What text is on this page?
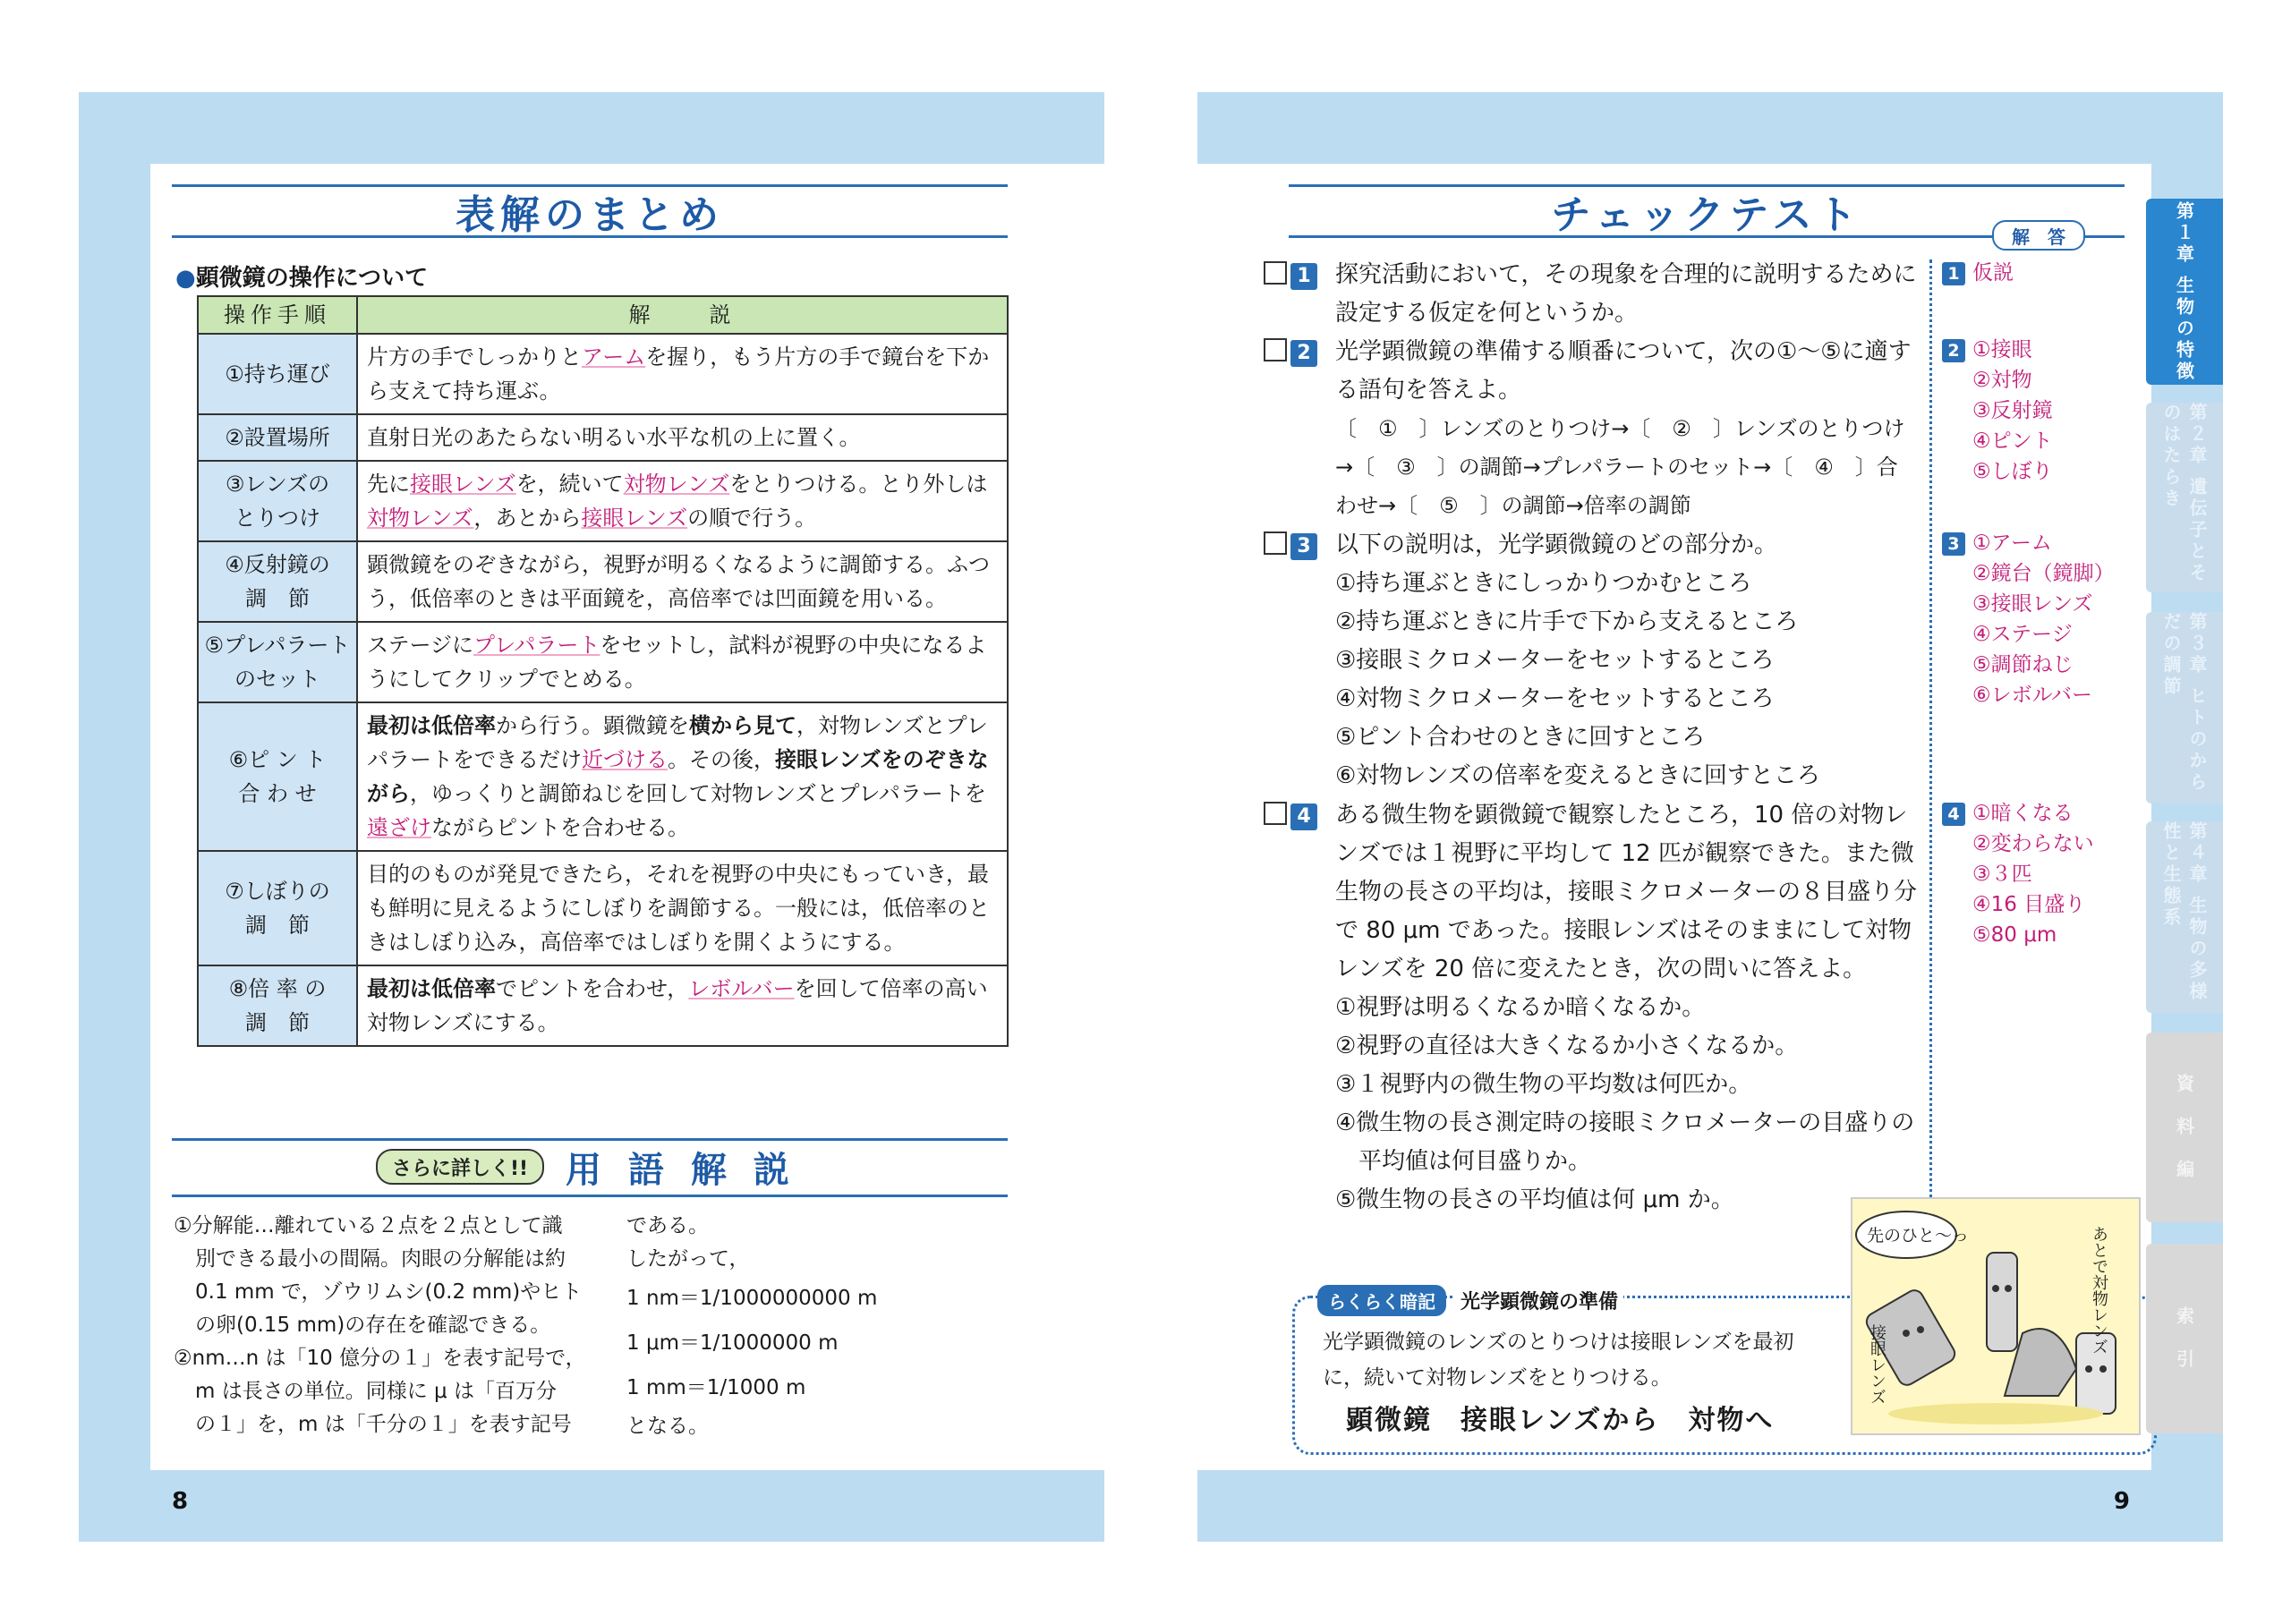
8
表解のまとめ
●顕微鏡の操作について
操作手順	解　　説
①持ち運び	片方の手でしっかりとアームを握り，もう片方の手で鏡台を下から支えて持ち運ぶ。
②設置場所	直射日光のあたらない明るい水平な机の上に置く。
③レンズの
とりつけ	先に接眼レンズを，続いて対物レンズをとりつける。とり外しは対物レンズ，あとから接眼レンズの順で行う。
④反射鏡の
調　節	顕微鏡をのぞきながら，視野が明るくなるように調節する。ふつう，低倍率のときは平面鏡を，高倍率では凹面鏡を用いる。
⑤プレパラート
のセット	ステージにプレパラートをセットし，試料が視野の中央になるようにしてクリップでとめる。
⑥ピ ン ト
合 わ せ	最初は低倍率から行う。顕微鏡を横から見て，対物レンズとプレパラートをできるだけ近づける。その後，接眼レンズをのぞきながら，ゆっくりと調節ねじを回して対物レンズとプレパラートを遠ざけながらピントを合わせる。
⑦しぼりの
調　節	目的のものが発見できたら，それを視野の中央にもっていき，最も鮮明に見えるようにしぼりを調節する。一般には，低倍率のときはしぼり込み，高倍率ではしぼりを開くようにする。
⑧倍 率 の
調　節	最初は低倍率でピントを合わせ，レボルバーを回して倍率の高い対物レンズにする。
さらに詳しく!!	用 語 解 説
①分解能…離れている２点を２点として識
別できる最小の間隔。肉眼の分解能は約
0.1 mm で，ゾウリムシ(0.2 mm)やヒト
の卵(0.15 mm)の存在を確認できる。
②nm…n は「10 億分の１」を表す記号で，
m は長さの単位。同様に μ は「百万分
の１」を，m は「千分の１」を表す記号
である。
したがって，
1 nm＝1/1000000000 m
1 μm＝1/1000000 m
1 mm＝1/1000 m
となる。
9
チェックテスト	解　答
1	探究活動において，その現象を合理的に説明するために
設定する仮定を何というか。
2	光学顕微鏡の準備する順番について，次の①～⑤に適す
る語句を答えよ。
〔　①　〕レンズのとりつけ→〔　②　〕レンズのとりつけ
→〔　③　〕の調節→プレパラートのセット→〔　④　〕合
わせ→〔　⑤　〕の調節→倍率の調節
3	以下の説明は，光学顕微鏡のどの部分か。
①持ち運ぶときにしっかりつかむところ
②持ち運ぶときに片手で下から支えるところ
③接眼ミクロメーターをセットするところ
④対物ミクロメーターをセットするところ
⑤ピント合わせのときに回すところ
⑥対物レンズの倍率を変えるときに回すところ
4	ある微生物を顕微鏡で観察したところ，10 倍の対物レ
ンズでは１視野に平均して 12 匹が観察できた。また微
生物の長さの平均は，接眼ミクロメーターの８目盛り分
で 80 μm であった。接眼レンズはそのままにして対物
レンズを 20 倍に変えたとき，次の問いに答えよ。
①視野は明るくなるか暗くなるか。
②視野の直径は大きくなるか小さくなるか。
③１視野内の微生物の平均数は何匹か。
④微生物の長さ測定時の接眼ミクロメーターの目盛りの
　平均値は何目盛りか。
⑤微生物の長さの平均値は何 μm か。
1 仮説
2 ①接眼
②対物
③反射鏡
④ピント
⑤しぼり
3 ①アーム
②鏡台（鏡脚）
③接眼レンズ
④ステージ
⑤調節ねじ
⑥レボルバー
4 ①暗くなる
②変わらない
③３匹
④16 目盛り
⑤80 μm
らくらく暗記	光学顕微鏡の準備
光学顕微鏡のレンズのとりつけは接眼レンズを最初
に，続いて対物レンズをとりつける。
顕微鏡　接眼レンズから　対物へ
先のひと〜っ	あとで対物レンズ
接眼レンズ
第１章 生物の特徴
第２章 遺伝子とそのはたらき
第３章 ヒトのからだの調節
第４章 生物の多様性と生態系
資　料　編
索　引
